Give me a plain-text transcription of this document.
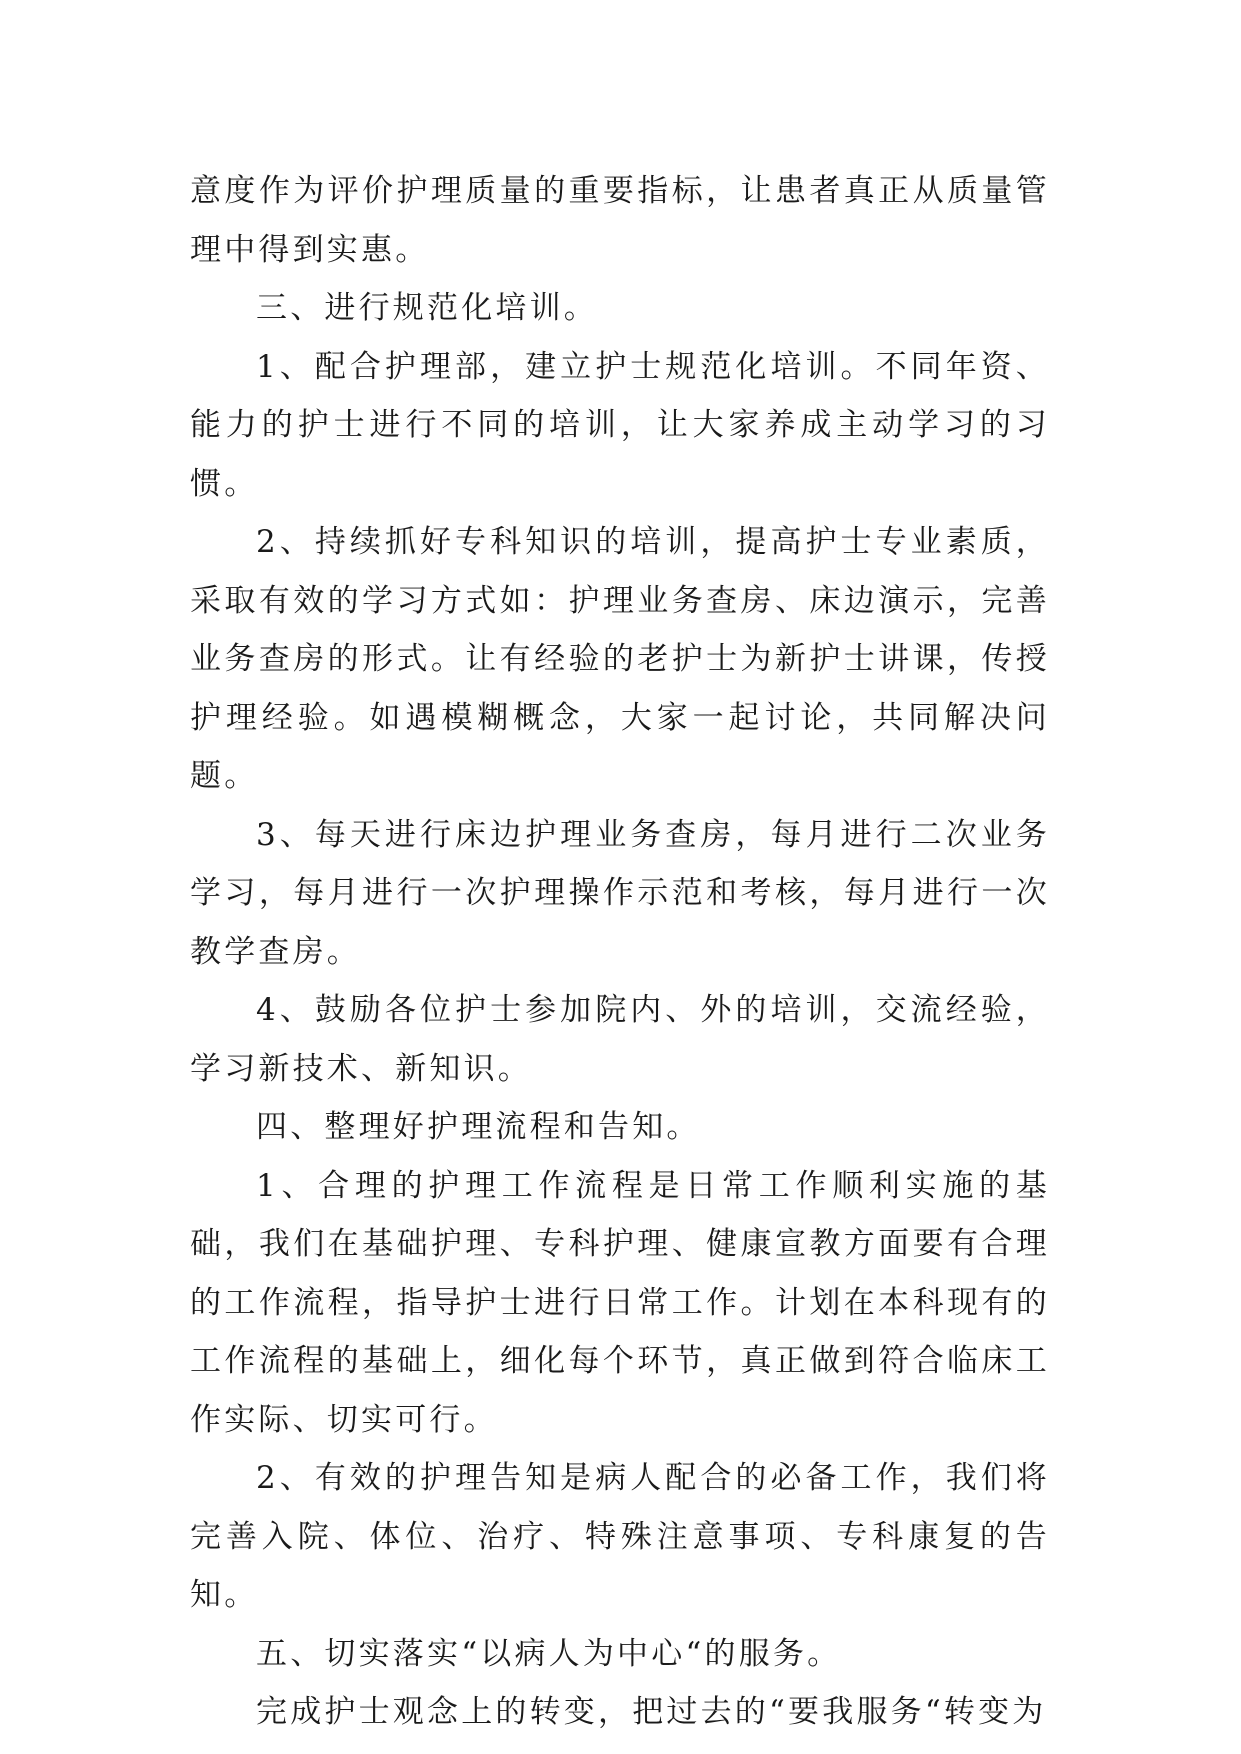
意度作为评价护理质量的重要指标，让患者真正从质量管理中得到实惠。

三、进行规范化培训。

1、配合护理部，建立护士规范化培训。不同年资、能力的护士进行不同的培训，让大家养成主动学习的习惯。

2、持续抓好专科知识的培训，提高护士专业素质，采取有效的学习方式如：护理业务查房、床边演示，完善业务查房的形式。让有经验的老护士为新护士讲课，传授护理经验。如遇模糊概念，大家一起讨论，共同解决问题。

3、每天进行床边护理业务查房，每月进行二次业务学习，每月进行一次护理操作示范和考核，每月进行一次教学查房。

4、鼓励各位护士参加院内、外的培训，交流经验，学习新技术、新知识。

四、整理好护理流程和告知。

1、合理的护理工作流程是日常工作顺利实施的基础，我们在基础护理、专科护理、健康宣教方面要有合理的工作流程，指导护士进行日常工作。计划在本科现有的工作流程的基础上，细化每个环节，真正做到符合临床工作实际、切实可行。

2、有效的护理告知是病人配合的必备工作，我们将完善入院、体位、治疗、特殊注意事项、专科康复的告知。

五、切实落实“以病人为中心“的服务。

完成护士观念上的转变，把过去的“要我服务“转变为
